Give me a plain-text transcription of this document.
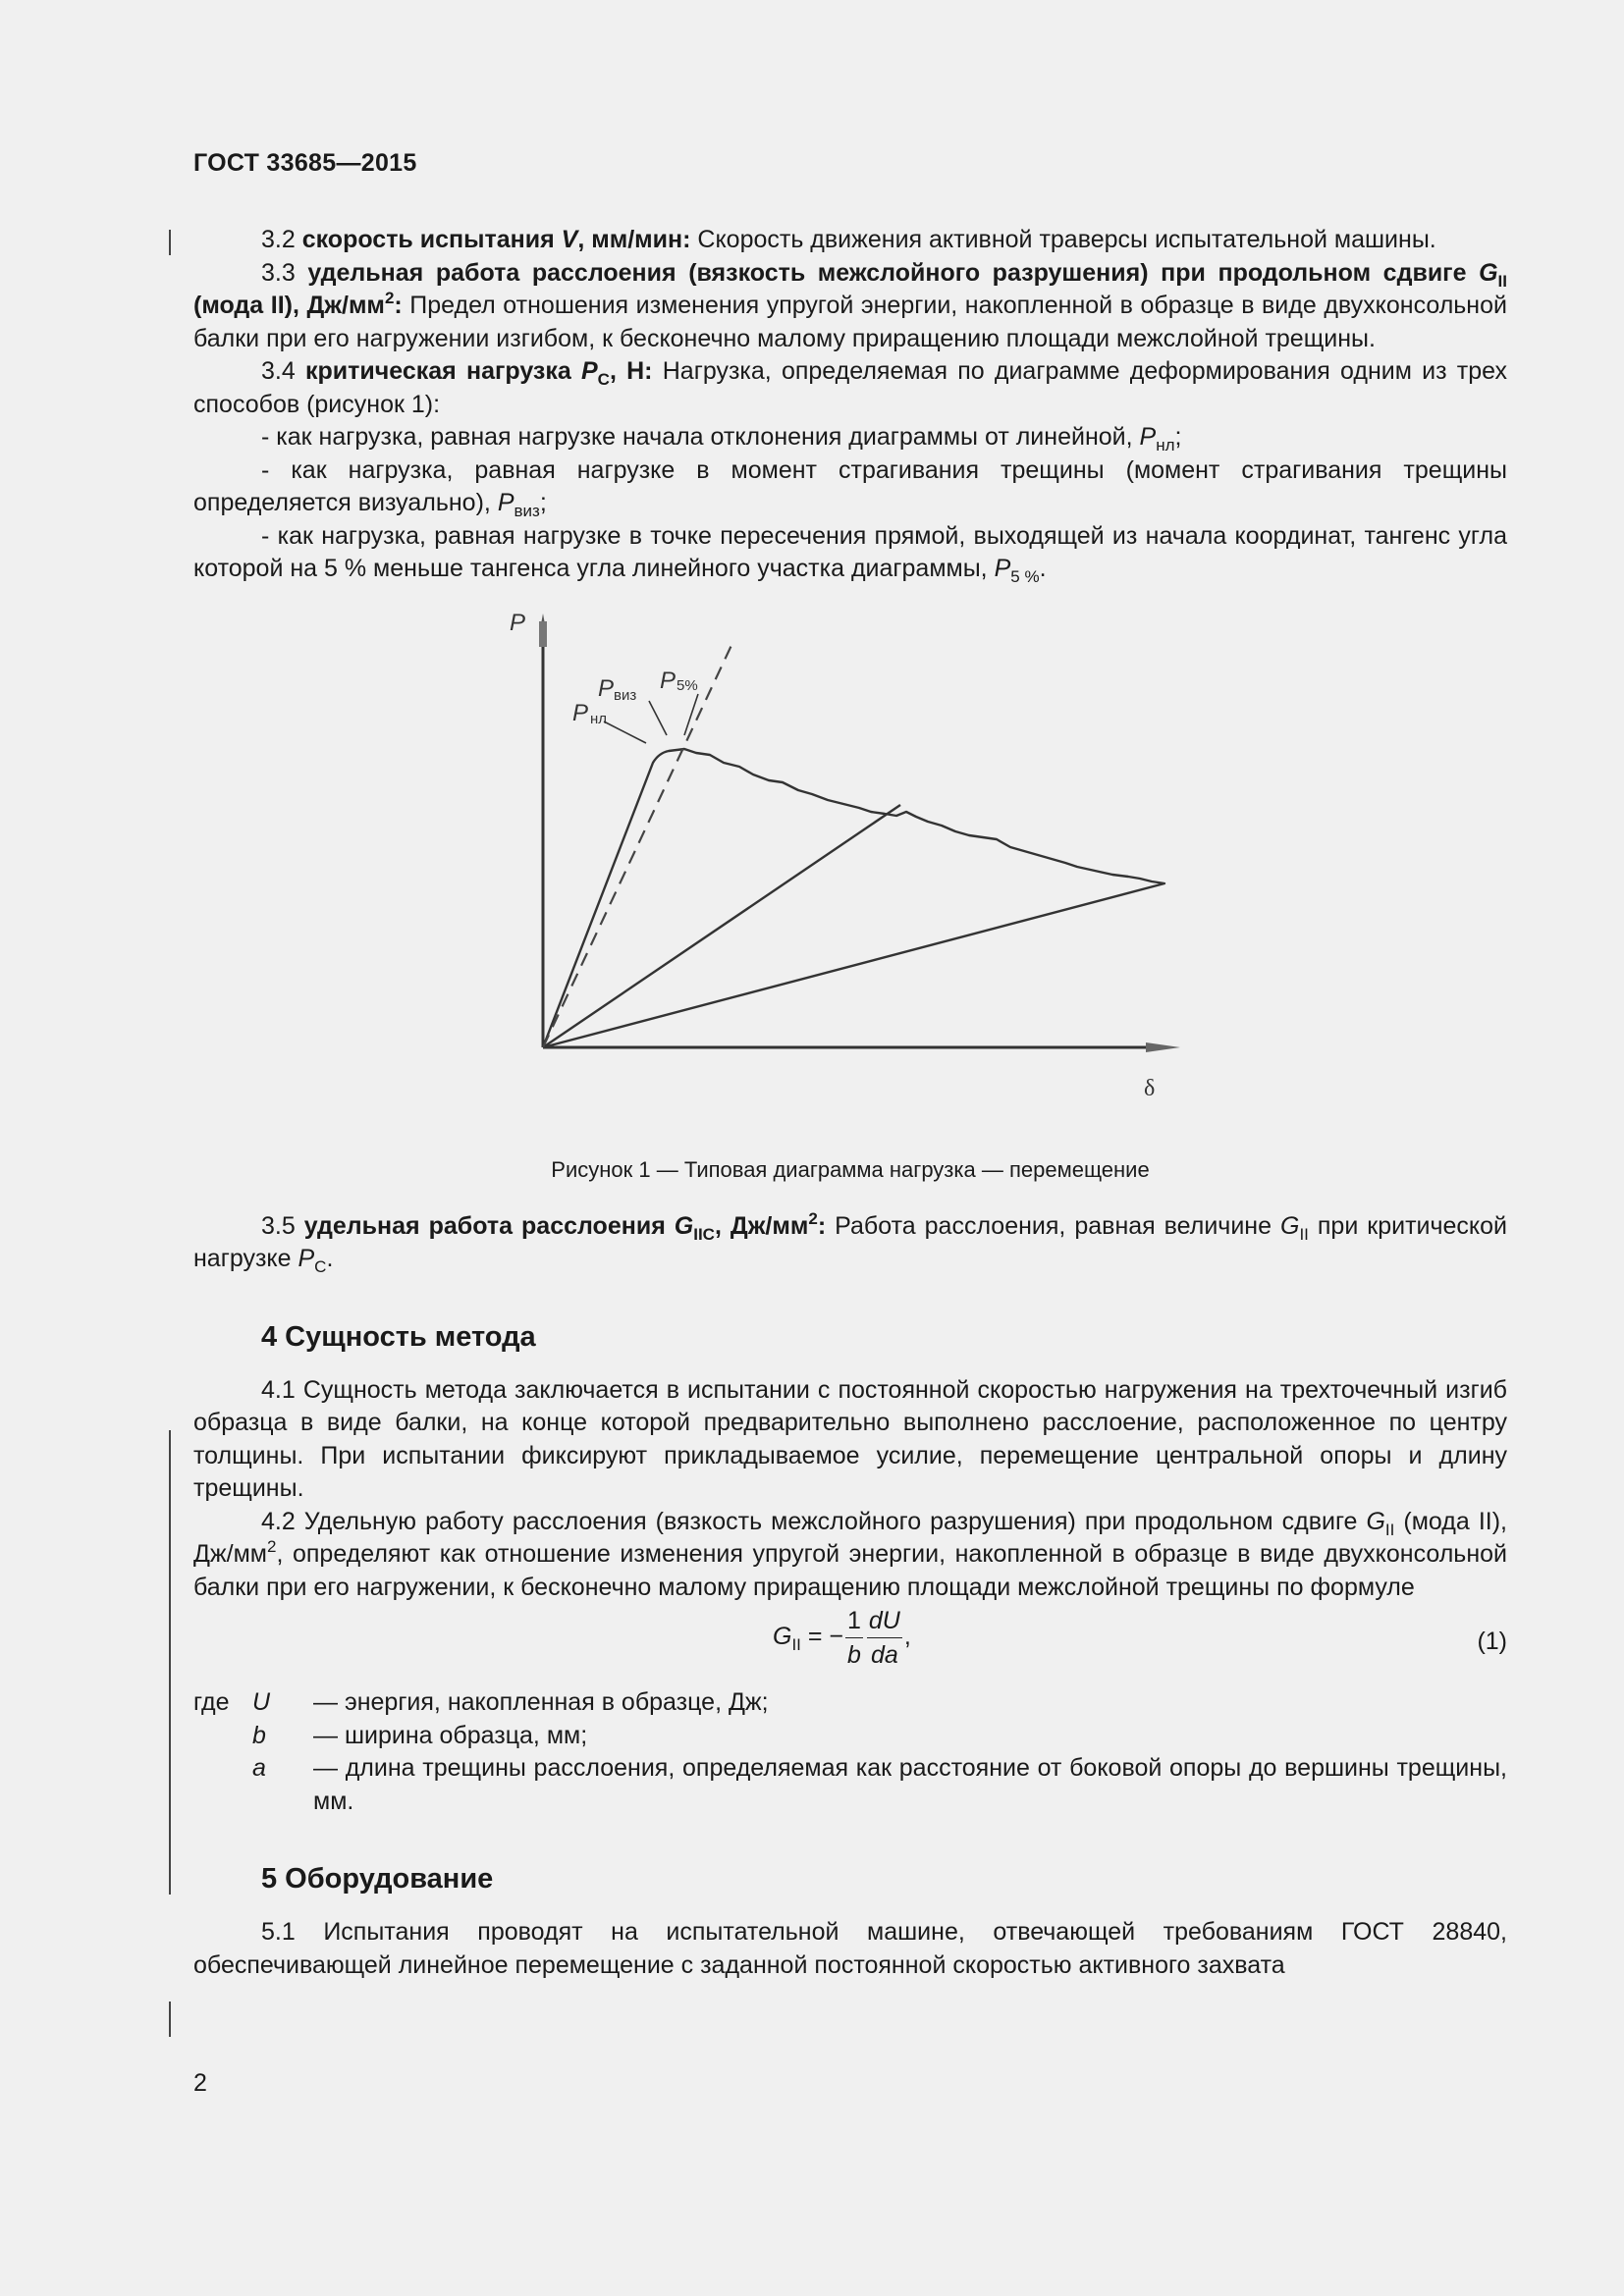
ГОСТ 33685—2015

3.2 скорость испытания V, мм/мин: Скорость движения активной траверсы испытательной машины.

3.3 удельная работа расслоения (вязкость межслойного разрушения) при продольном сдвиге $G_{II}$ (мода II), $Дж/мм^2$: Предел отношения изменения упругой энергии, накопленной в образце в виде двухконсольной балки при его нагружении изгибом, к бесконечно малому приращению площади межслойной трещины.

3.4 критическая нагрузка $P_C$, Н: Нагрузка, определяемая по диаграмме деформирования одним из трех способов (рисунок 1):

- как нагрузка, равная нагрузке начала отклонения диаграммы от линейной, $P_{нл}$;

- как нагрузка, равная нагрузке в момент страгивания трещины (момент страгивания трещины определяется визуально), $P_{виз}$;

- как нагрузка, равная нагрузке в точке пересечения прямой, выходящей из начала координат, тангенс угла которой на 5 % меньше тангенса угла линейного участка диаграммы, $P_{5 \%}$.

P
δ
P виз
P 5%
P нл
Рисунок 1 — Типовая диаграмма нагрузка — перемещение

3.5 удельная работа расслоения $G_{IIC}$, $Дж/мм^2$: Работа расслоения, равная величине $G_{II}$ при критической нагрузке $P_C$.

4 Сущность метода

4.1 Сущность метода заключается в испытании с постоянной скоростью нагружения на трехточечный изгиб образца в виде балки, на конце которой предварительно выполнено расслоение, расположенное по центру толщины. При испытании фиксируют прикладываемое усилие, перемещение центральной опоры и длину трещины.

4.2 Удельную работу расслоения (вязкость межслойного разрушения) при продольном сдвиге $G_{II}$ (мода II), $Дж/мм^2$, определяют как отношение изменения упругой энергии, накопленной в образце в виде двухконсольной балки при его нагружении, к бесконечно малому приращению площади межслойной трещины по формуле

$G_{II}$ = − $\frac{1}{b} \frac{dU}{da}$ ,	(1)
где U	— энергия, накопленная в образце, Дж;
b	— ширина образца, мм;
a	— длина трещины расслоения, определяемая как расстояние от боковой опоры до вершины трещины, мм.
5 Оборудование

5.1 Испытания проводят на испытательной машине, отвечающей требованиям ГОСТ 28840, обеспечивающей линейное перемещение с заданной постоянной скоростью активного захвата

2
